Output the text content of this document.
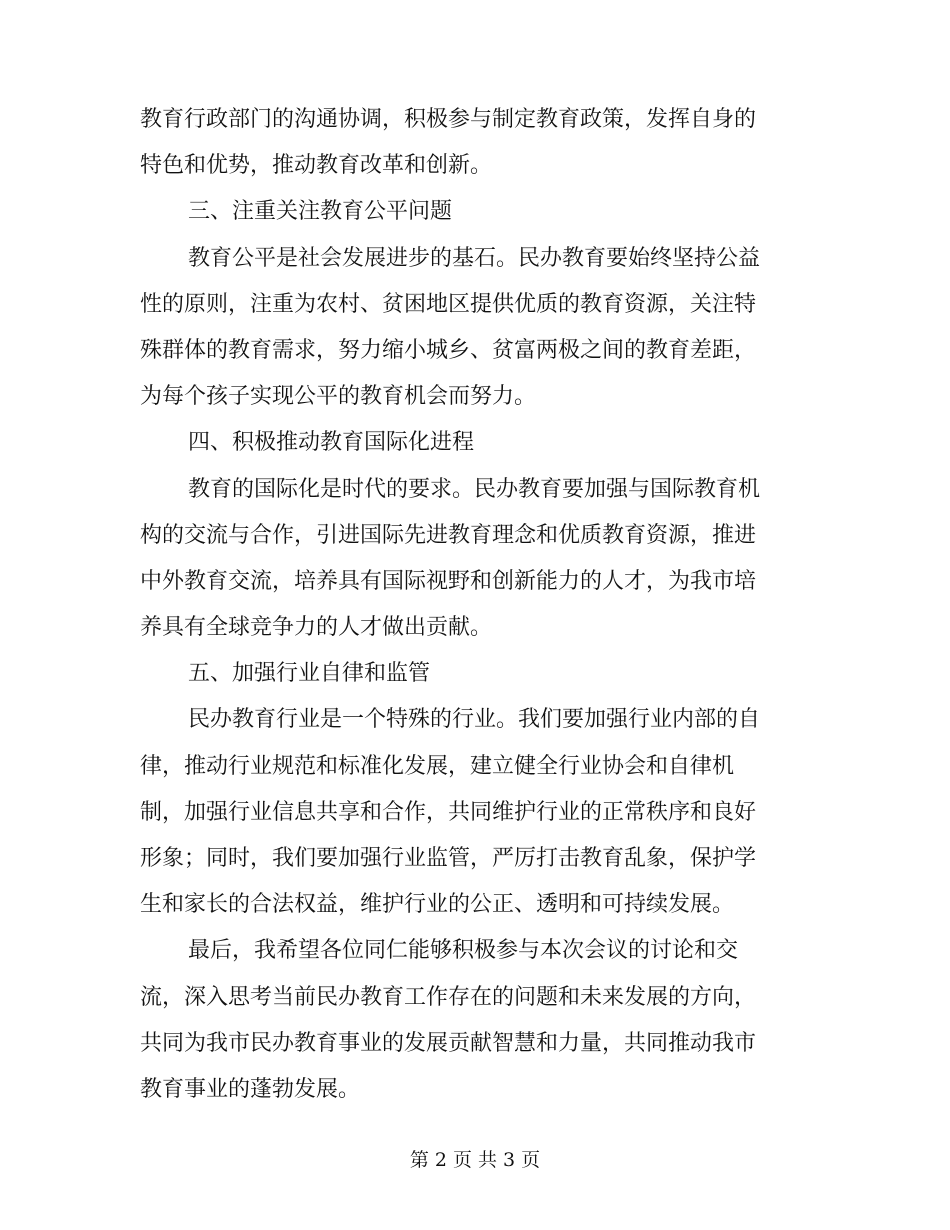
教育行政部门的沟通协调，积极参与制定教育政策，发挥自身的

特色和优势，推动教育改革和创新。

三、注重关注教育公平问题

教育公平是社会发展进步的基石。民办教育要始终坚持公益

性的原则，注重为农村、贫困地区提供优质的教育资源，关注特

殊群体的教育需求，努力缩小城乡、贫富两极之间的教育差距，

为每个孩子实现公平的教育机会而努力。

四、积极推动教育国际化进程

教育的国际化是时代的要求。民办教育要加强与国际教育机

构的交流与合作，引进国际先进教育理念和优质教育资源，推进

中外教育交流，培养具有国际视野和创新能力的人才，为我市培

养具有全球竞争力的人才做出贡献。

五、加强行业自律和监管

民办教育行业是一个特殊的行业。我们要加强行业内部的自

律，推动行业规范和标准化发展，建立健全行业协会和自律机

制，加强行业信息共享和合作，共同维护行业的正常秩序和良好

形象；同时，我们要加强行业监管，严厉打击教育乱象，保护学

生和家长的合法权益，维护行业的公正、透明和可持续发展。

最后，我希望各位同仁能够积极参与本次会议的讨论和交

流，深入思考当前民办教育工作存在的问题和未来发展的方向，

共同为我市民办教育事业的发展贡献智慧和力量，共同推动我市

教育事业的蓬勃发展。

第 2 页 共 3 页
